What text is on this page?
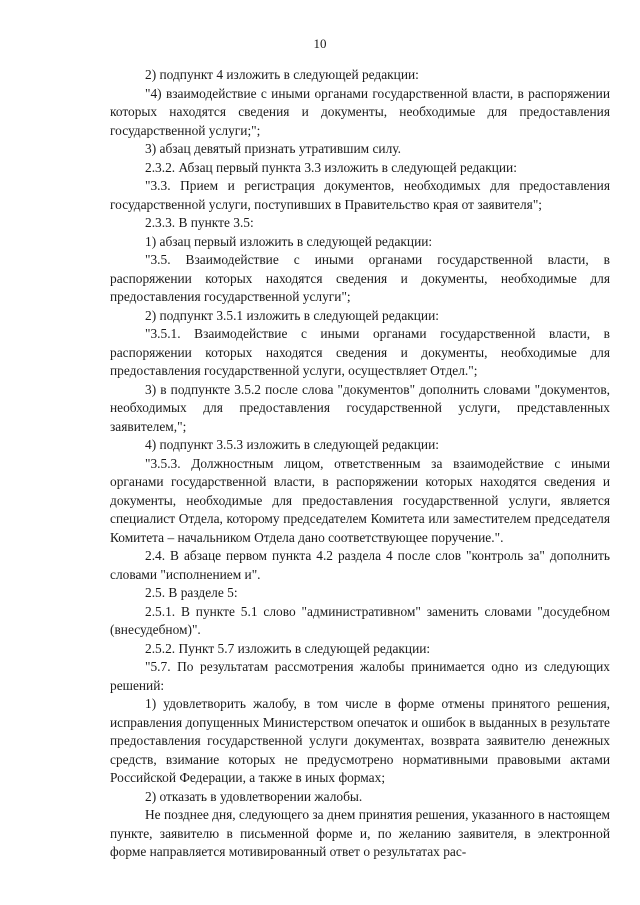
10

2) подпункт 4 изложить в следующей редакции:

"4) взаимодействие с иными органами государственной власти, в распоряжении которых находятся сведения и документы, необходимые для предоставления государственной услуги;";

3) абзац девятый признать утратившим силу.

2.3.2. Абзац первый пункта 3.3 изложить в следующей редакции:

"3.3. Прием и регистрация документов, необходимых для предоставления государственной услуги, поступивших в Правительство края от заявителя";

2.3.3. В пункте 3.5:

1) абзац первый изложить в следующей редакции:

"3.5. Взаимодействие с иными органами государственной власти, в распоряжении которых находятся сведения и документы, необходимые для предоставления государственной услуги";

2) подпункт 3.5.1 изложить в следующей редакции:

"3.5.1. Взаимодействие с иными органами государственной власти, в распоряжении которых находятся сведения и документы, необходимые для предоставления государственной услуги, осуществляет Отдел.";

3) в подпункте 3.5.2 после слова "документов" дополнить словами "документов, необходимых для предоставления государственной услуги, представленных заявителем,";

4) подпункт 3.5.3 изложить в следующей редакции:

"3.5.3. Должностным лицом, ответственным за взаимодействие с иными органами государственной власти, в распоряжении которых находятся сведения и документы, необходимые для предоставления государственной услуги, является специалист Отдела, которому председателем Комитета или заместителем председателя Комитета – начальником Отдела дано соответствующее поручение.".

2.4. В абзаце первом пункта 4.2 раздела 4 после слов "контроль за" дополнить словами "исполнением и".

2.5. В разделе 5:

2.5.1. В пункте 5.1 слово "административном" заменить словами "досудебном (внесудебном)".

2.5.2. Пункт 5.7 изложить в следующей редакции:

"5.7. По результатам рассмотрения жалобы принимается одно из следующих решений:

1) удовлетворить жалобу, в том числе в форме отмены принятого решения, исправления допущенных Министерством опечаток и ошибок в выданных в результате предоставления государственной услуги документах, возврата заявителю денежных средств, взимание которых не предусмотрено нормативными правовыми актами Российской Федерации, а также в иных формах;

2) отказать в удовлетворении жалобы.

Не позднее дня, следующего за днем принятия решения, указанного в настоящем пункте, заявителю в письменной форме и, по желанию заявителя, в электронной форме направляется мотивированный ответ о результатах рас-
